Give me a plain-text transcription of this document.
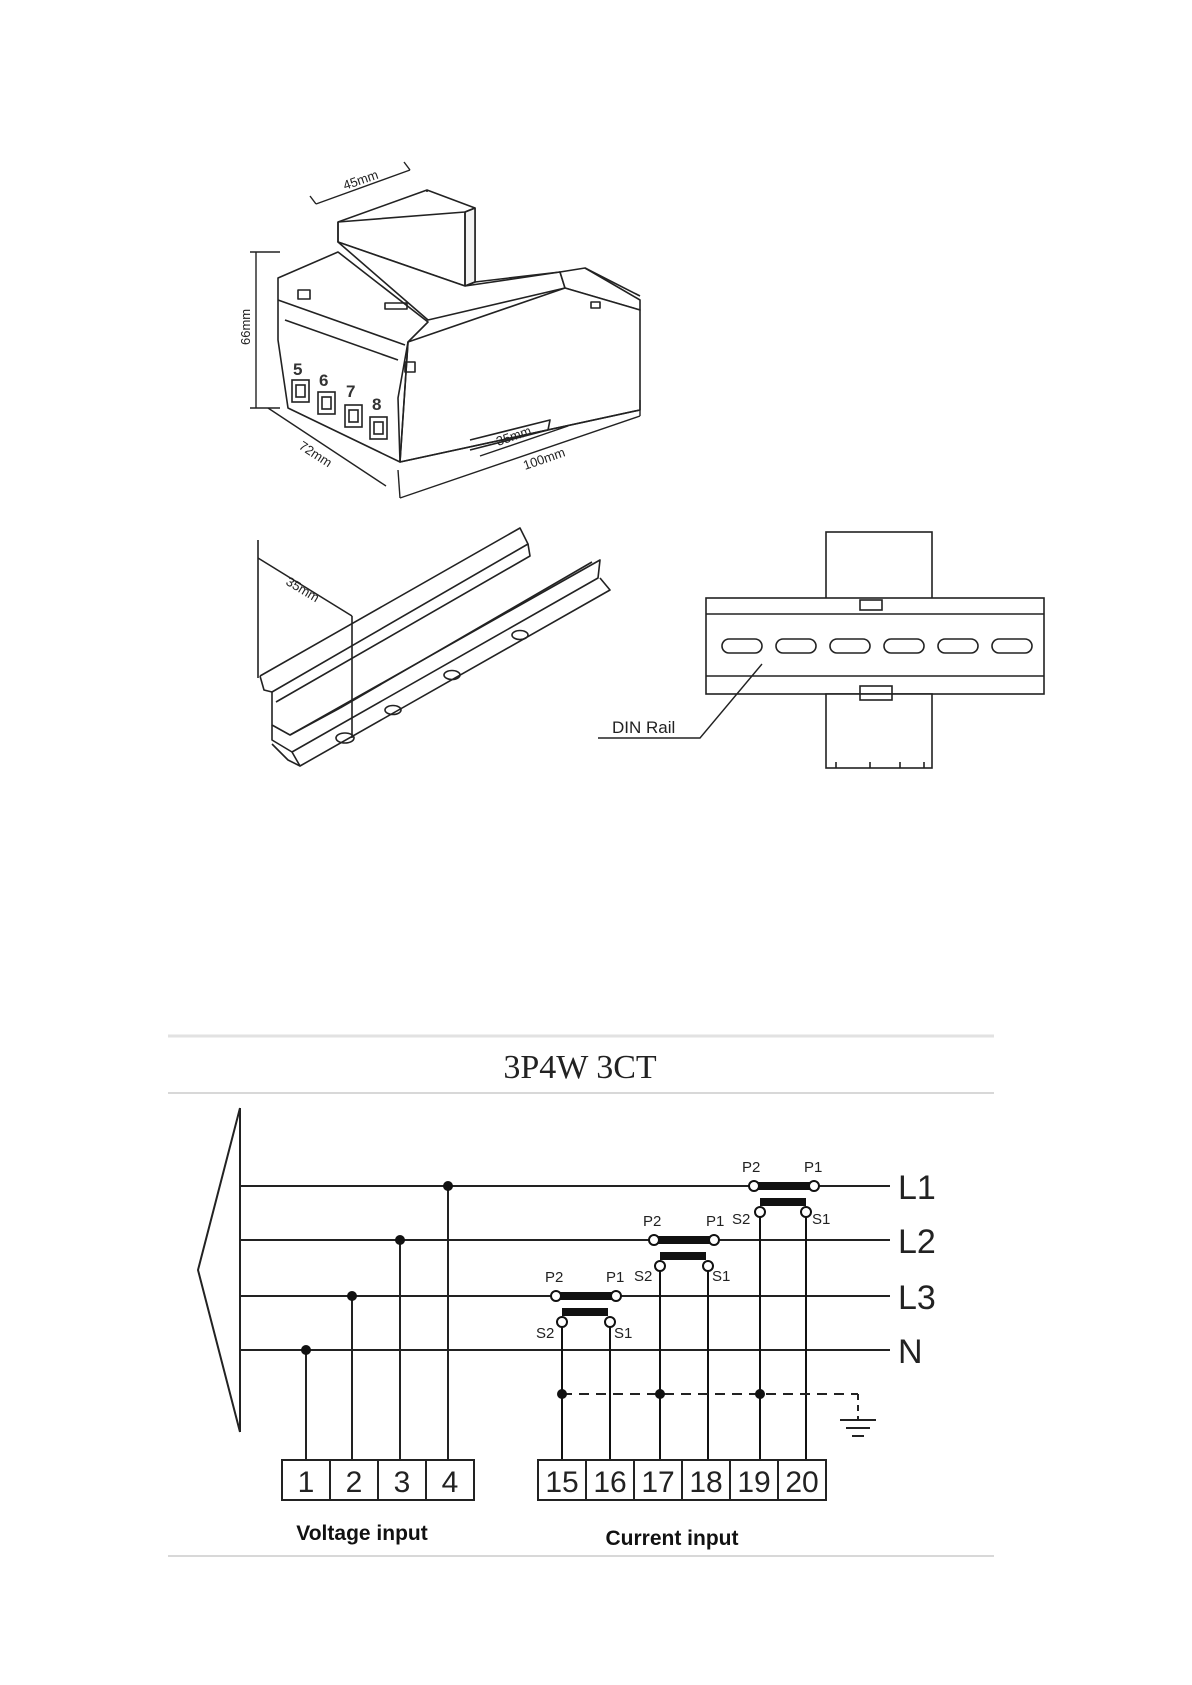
5
6
7
8
45mm
66mm
72mm	100mm
35mm
35mm
DIN Rail
3P4W 3CT
L1
L2
L3
N
1 2 3 4
P2	P1
S2	S1
P2	P1
S2	S1
P2	P1
S2	S1
15 16 17 18 19 20
Voltage input	Current input
